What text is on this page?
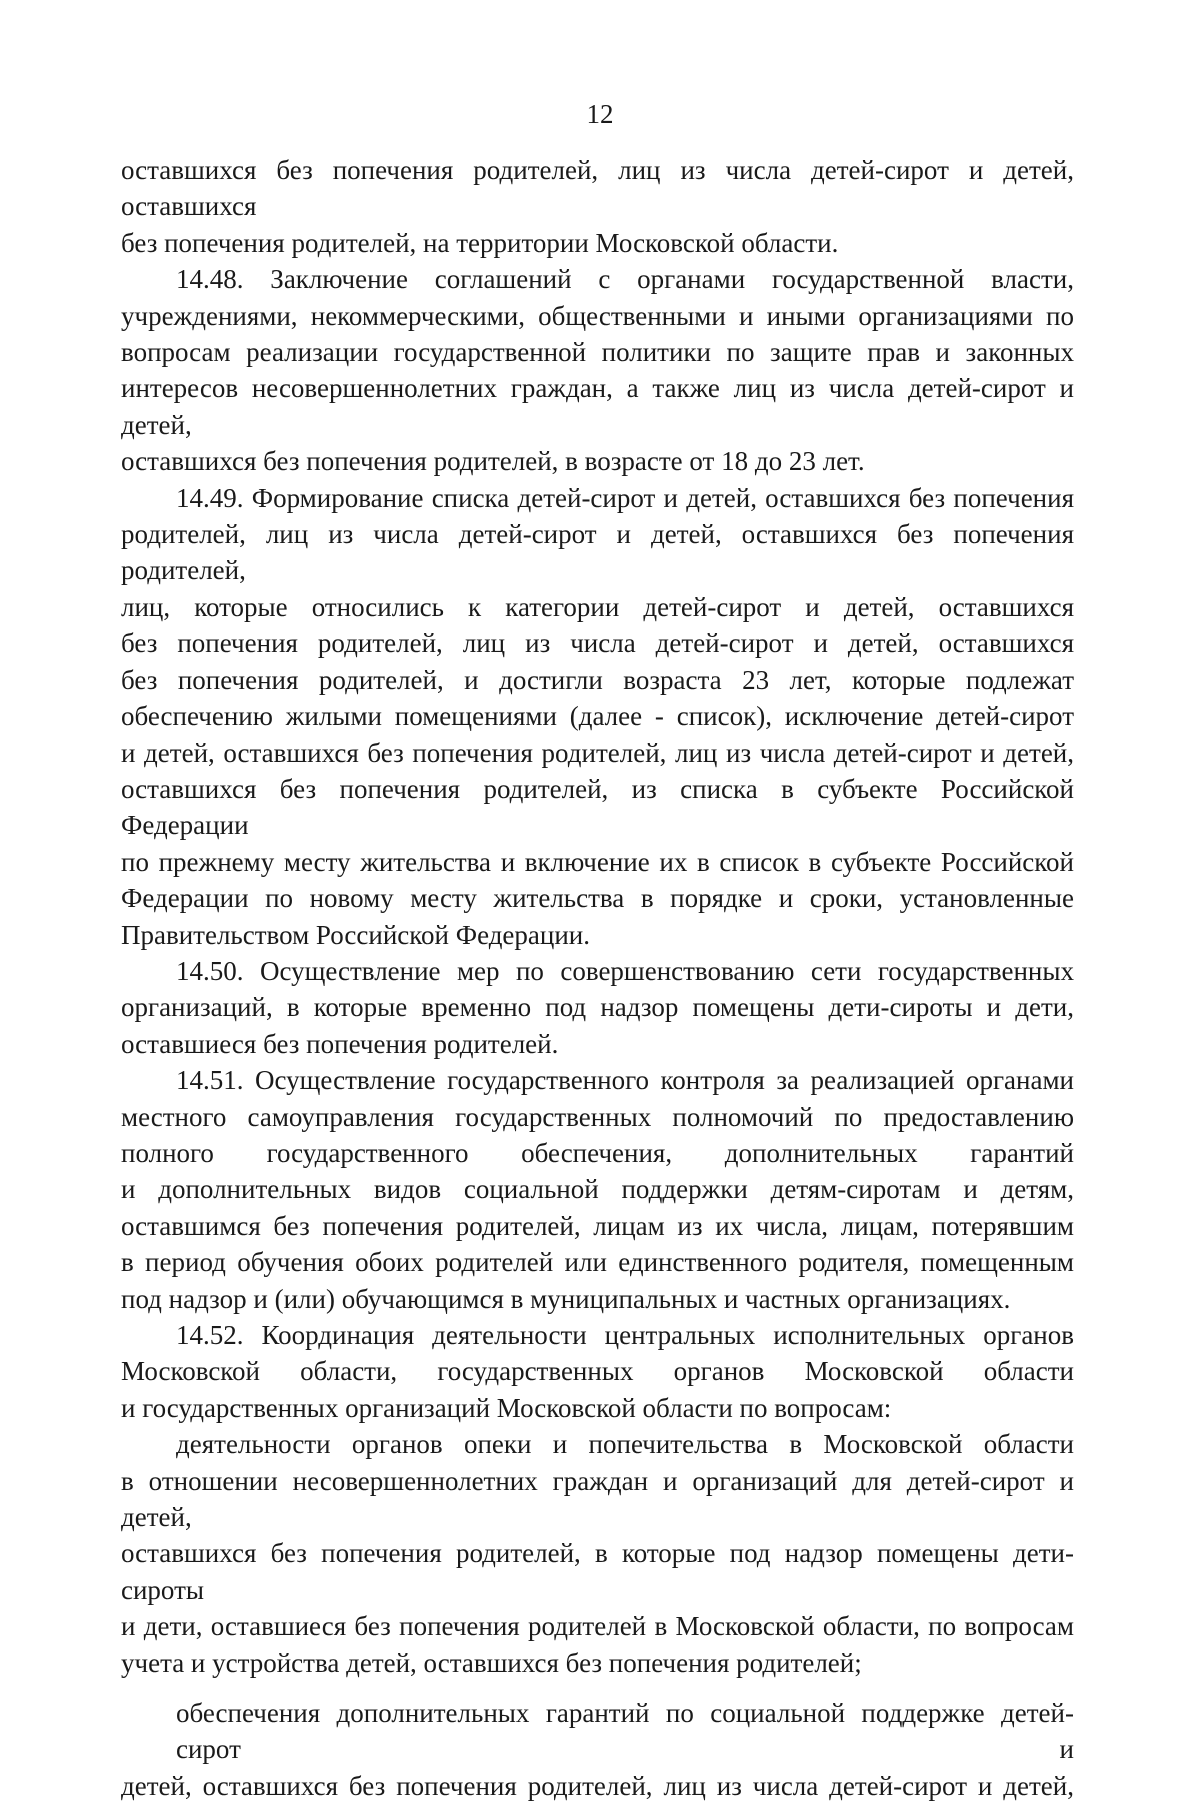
12

оставшихся без попечения родителей, лиц из числа детей-сирот и детей, оставшихся
без попечения родителей, на территории Московской области.

14.48. Заключение соглашений с органами государственной власти,
учреждениями, некоммерческими, общественными и иными организациями по
вопросам реализации государственной политики по защите прав и законных
интересов несовершеннолетних граждан, а также лиц из числа детей-сирот и детей,
оставшихся без попечения родителей, в возрасте от 18 до 23 лет.

14.49. Формирование списка детей-сирот и детей, оставшихся без попечения
родителей, лиц из числа детей-сирот и детей, оставшихся без попечения родителей,
лиц, которые относились к категории детей-сирот и детей, оставшихся
без попечения родителей, лиц из числа детей-сирот и детей, оставшихся
без попечения родителей, и достигли возраста 23 лет, которые подлежат
обеспечению жилыми помещениями (далее - список), исключение детей-сирот
и детей, оставшихся без попечения родителей, лиц из числа детей-сирот и детей,
оставшихся без попечения родителей, из списка в субъекте Российской Федерации
по прежнему месту жительства и включение их в список в субъекте Российской
Федерации по новому месту жительства в порядке и сроки, установленные
Правительством Российской Федерации.

14.50. Осуществление мер по совершенствованию сети государственных
организаций, в которые временно под надзор помещены дети-сироты и дети,
оставшиеся без попечения родителей.

14.51. Осуществление государственного контроля за реализацией органами
местного самоуправления государственных полномочий по предоставлению
полного государственного обеспечения, дополнительных гарантий
и дополнительных видов социальной поддержки детям-сиротам и детям,
оставшимся без попечения родителей, лицам из их числа, лицам, потерявшим
в период обучения обоих родителей или единственного родителя, помещенным
под надзор и (или) обучающимся в муниципальных и частных организациях.

14.52. Координация деятельности центральных исполнительных органов
Московской области, государственных органов Московской области
и государственных организаций Московской области по вопросам:

деятельности органов опеки и попечительства в Московской области
в отношении несовершеннолетних граждан и организаций для детей-сирот и детей,
оставшихся без попечения родителей, в которые под надзор помещены дети-сироты
и дети, оставшиеся без попечения родителей в Московской области, по вопросам
учета и устройства детей, оставшихся без попечения родителей;

обеспечения дополнительных гарантий по социальной поддержке детей-сирот и
детей, оставшихся без попечения родителей, лиц из числа детей-сирот и детей,
